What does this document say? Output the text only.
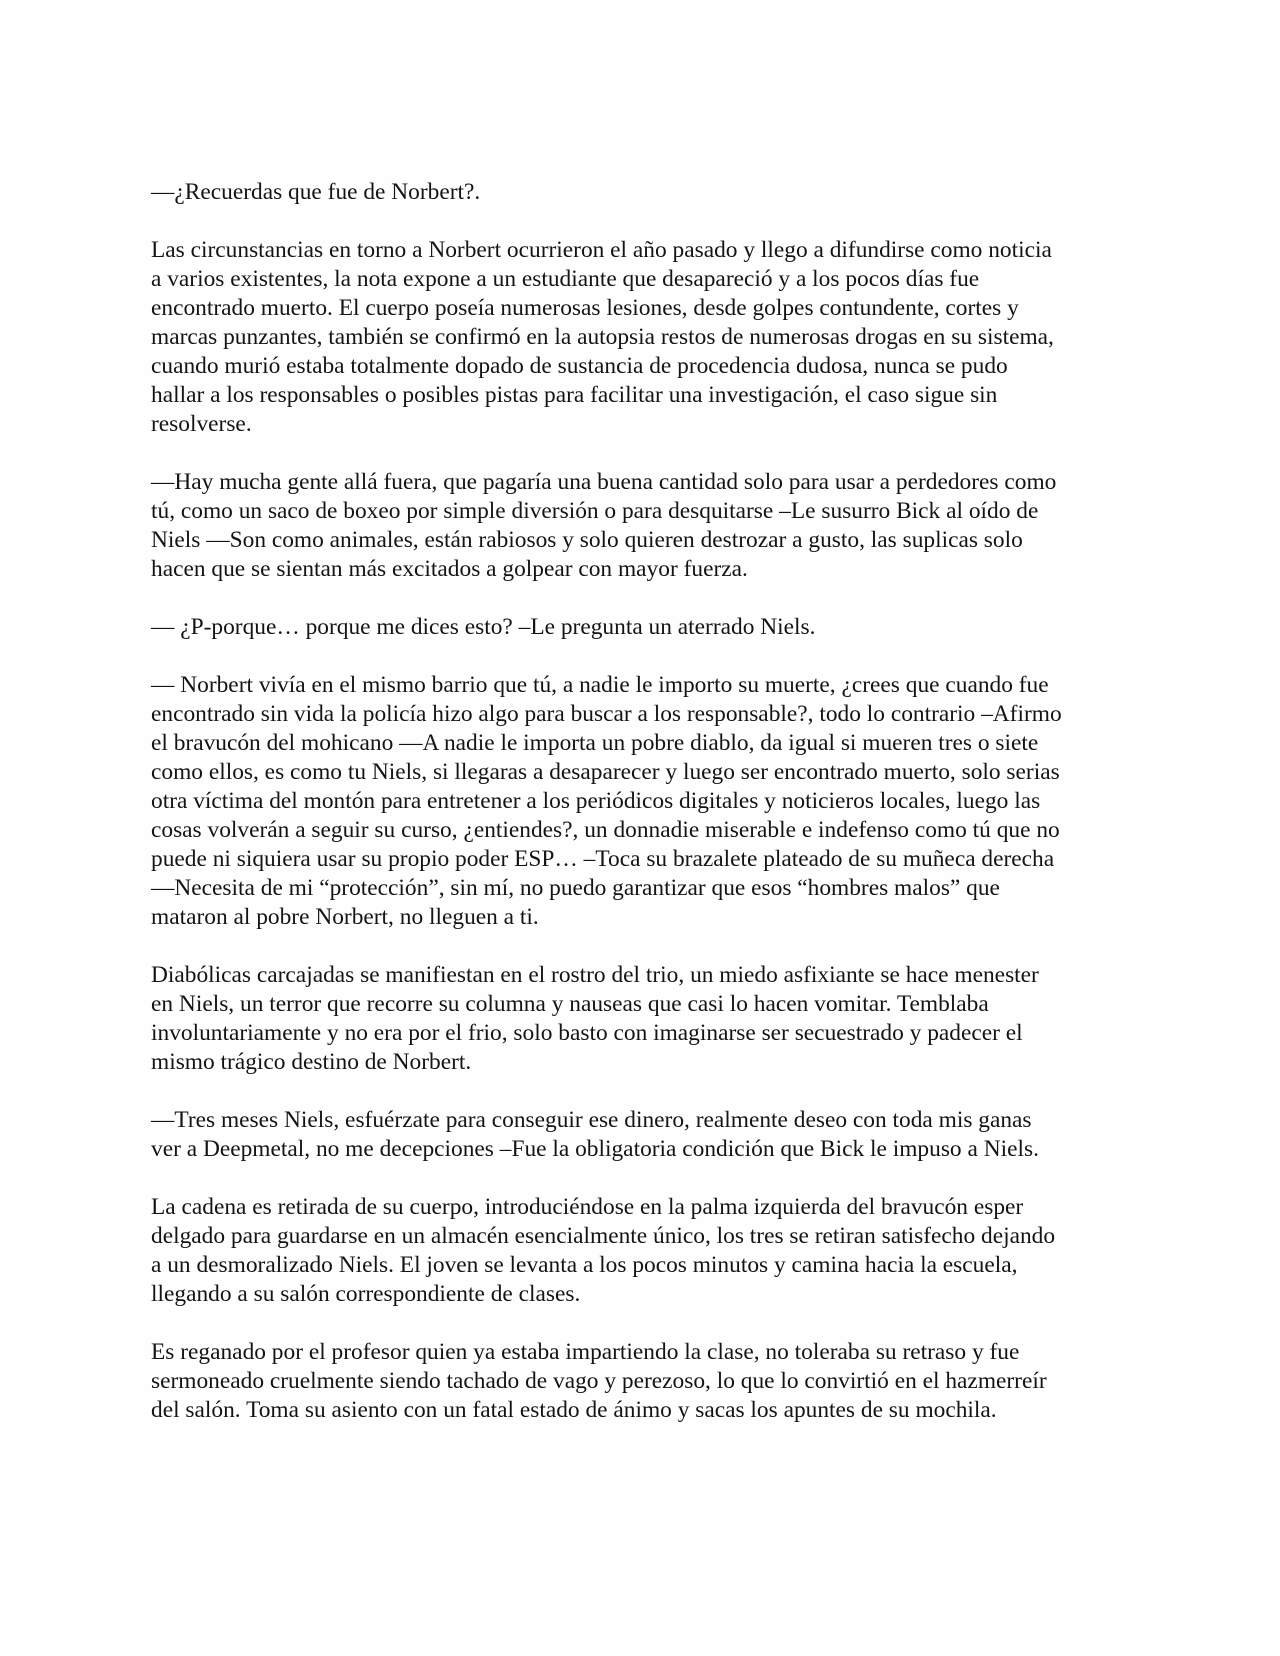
—¿Recuerdas que fue de Norbert?.

Las circunstancias en torno a Norbert ocurrieron el año pasado y llego a difundirse como noticia
a varios existentes, la nota expone a un estudiante que desapareció y a los pocos días fue
encontrado muerto. El cuerpo poseía numerosas lesiones, desde golpes contundente, cortes y
marcas punzantes, también se confirmó en la autopsia restos de numerosas drogas en su sistema,
cuando murió estaba totalmente dopado de sustancia de procedencia dudosa, nunca se pudo
hallar a los responsables o posibles pistas para facilitar una investigación, el caso sigue sin
resolverse.

—Hay mucha gente allá fuera, que pagaría una buena cantidad solo para usar a perdedores como
tú, como un saco de boxeo por simple diversión o para desquitarse –Le susurro Bick al oído de
Niels —Son como animales, están rabiosos y solo quieren destrozar a gusto, las suplicas solo
hacen que se sientan más excitados a golpear con mayor fuerza.

— ¿P-porque… porque me dices esto? –Le pregunta un aterrado Niels.

— Norbert vivía en el mismo barrio que tú, a nadie le importo su muerte, ¿crees que cuando fue
encontrado sin vida la policía hizo algo para buscar a los responsable?, todo lo contrario –Afirmo
el bravucón del mohicano —A nadie le importa un pobre diablo, da igual si mueren tres o siete
como ellos, es como tu Niels, si llegaras a desaparecer y luego ser encontrado muerto, solo serias
otra víctima del montón para entretener a los periódicos digitales y noticieros locales, luego las
cosas volverán a seguir su curso, ¿entiendes?, un donnadie miserable e indefenso como tú que no
puede ni siquiera usar su propio poder ESP… –Toca su brazalete plateado de su muñeca derecha
—Necesita de mi “protección”, sin mí, no puedo garantizar que esos “hombres malos” que
mataron al pobre Norbert, no lleguen a ti.

Diabólicas carcajadas se manifiestan en el rostro del trio, un miedo asfixiante se hace menester
en Niels, un terror que recorre su columna y nauseas que casi lo hacen vomitar. Temblaba
involuntariamente y no era por el frio, solo basto con imaginarse ser secuestrado y padecer el
mismo trágico destino de Norbert.

—Tres meses Niels, esfuérzate para conseguir ese dinero, realmente deseo con toda mis ganas
ver a Deepmetal, no me decepciones –Fue la obligatoria condición que Bick le impuso a Niels.

La cadena es retirada de su cuerpo, introduciéndose en la palma izquierda del bravucón esper
delgado para guardarse en un almacén esencialmente único, los tres se retiran satisfecho dejando
a un desmoralizado Niels. El joven se levanta a los pocos minutos y camina hacia la escuela,
llegando a su salón correspondiente de clases.

Es reganado por el profesor quien ya estaba impartiendo la clase, no toleraba su retraso y fue
sermoneado cruelmente siendo tachado de vago y perezoso, lo que lo convirtió en el hazmerreír
del salón. Toma su asiento con un fatal estado de ánimo y sacas los apuntes de su mochila.
